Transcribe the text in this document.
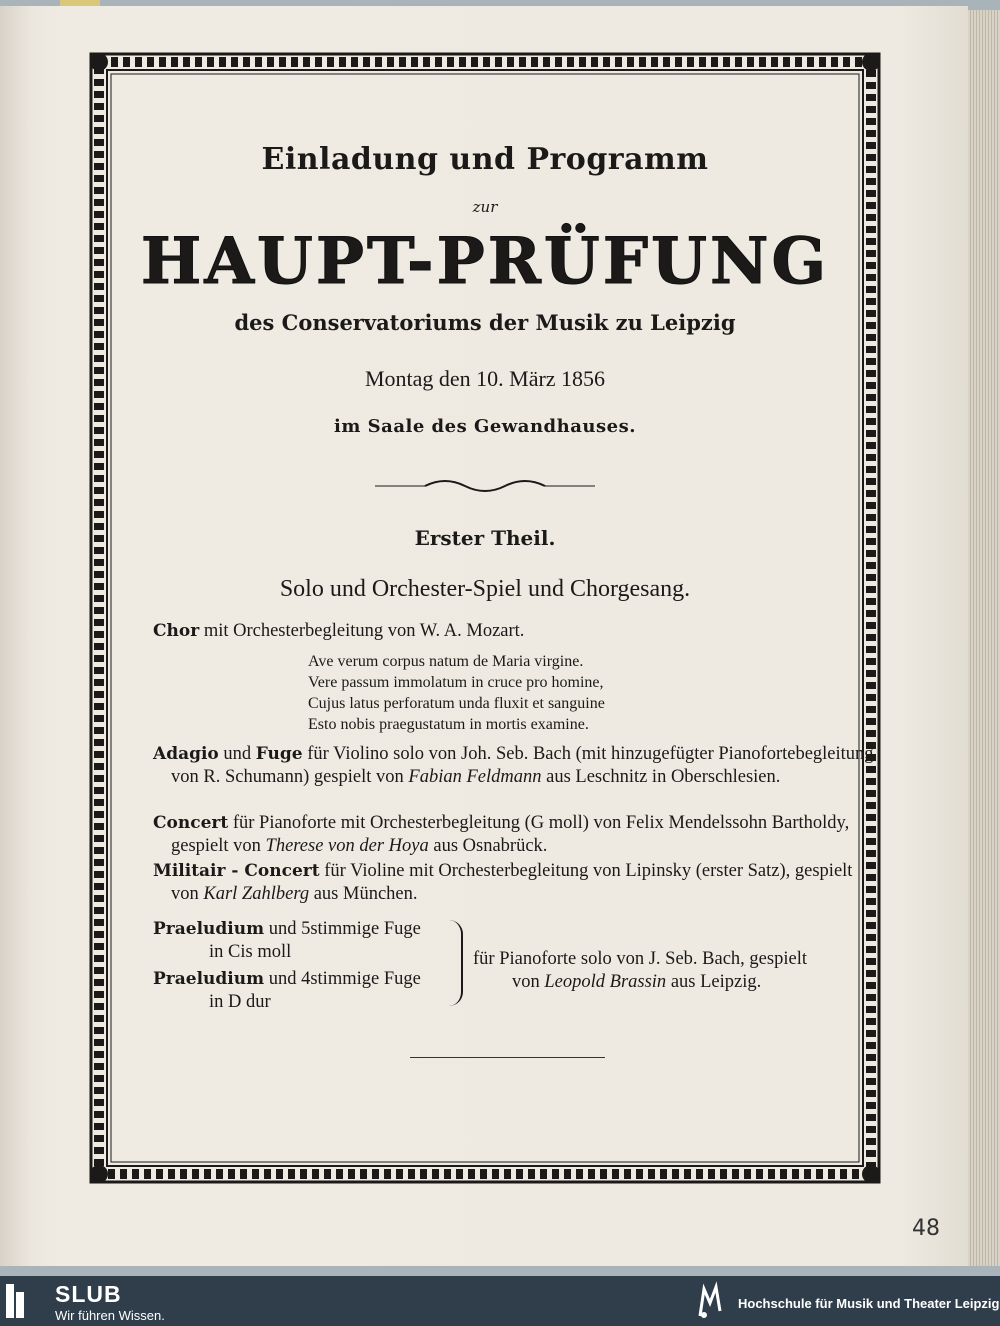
Einladung und Programm
zur
HAUPT-PRÜFUNG
des Conservatoriums der Musik zu Leipzig
Montag den 10. März 1856
im Saale des Gewandhauses.
Erster Theil.
Solo und Orchester-Spiel und Chorgesang.
Chor mit Orchesterbegleitung von W. A. Mozart.
Ave verum corpus natum de Maria virgine.
Vere passum immolatum in cruce pro homine,
Cujus latus perforatum unda fluxit et sanguine
Esto nobis praegustatum in mortis examine.
Adagio und Fuge für Violino solo von Joh. Seb. Bach (mit hinzugefügter Pianofortebegleitung von R. Schumann) gespielt von Fabian Feldmann aus Leschnitz in Oberschlesien.
Concert für Pianoforte mit Orchesterbegleitung (G moll) von Felix Mendelssohn Bartholdy, gespielt von Therese von der Hoya aus Osnabrück.
Militair - Concert für Violine mit Orchesterbegleitung von Lipinsky (erster Satz), gespielt von Karl Zahlberg aus München.
Praeludium und 5stimmige Fuge
in Cis moll
Praeludium und 4stimmige Fuge
in D dur
für Pianoforte solo von J. Seb. Bach, gespielt
von Leopold Brassin aus Leipzig.
48
SLUB
Wir führen Wissen.
Hochschule für Musik und Theater Leipzig
